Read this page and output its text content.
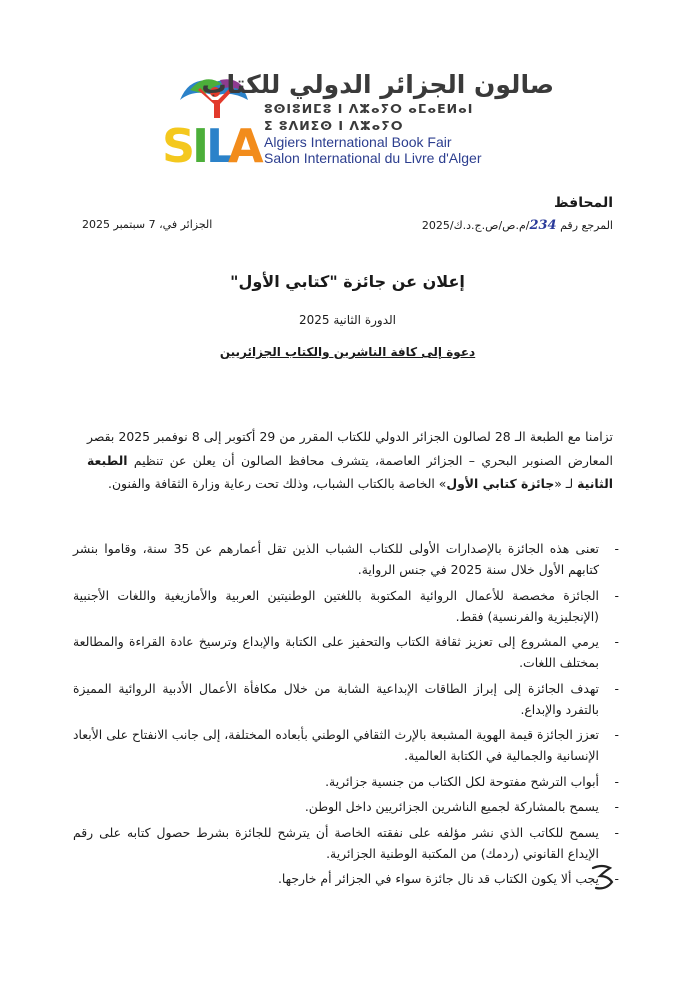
S
I
L
A
صالون الجزائر الدولي للكتاب
ⵓⵙⵏⵓⵍⵎⵓ ⵏ ⴷⵣⴰⵢⵔ ⴰⵎⴰⴹⵍⴰⵏ
ⵉ ⵓⴷⵍⵉⵙ ⵏ ⴷⵣⴰⵢⵔ
Algiers International Book Fair
Salon International du Livre d'Alger
المحافظ
المرجع رقم 234/م.ص/ص.ج.د.ك/2025
الجزائر في، 7 سبتمبر 2025
إعلان عن جائزة "كتابي الأول"
الدورة الثانية 2025
دعوة إلى كافة الناشرين والكتاب الجزائريين

تزامنا مع الطبعة الـ 28 لصالون الجزائر الدولي للكتاب المقرر من 29 أكتوبر إلى 8 نوفمبر 2025 بقصر المعارض الصنوبر البحري – الجزائر العاصمة، يتشرف محافظ الصالون أن يعلن عن تنظيم الطبعة الثانية لـ «جائزة كتابي الأول» الخاصة بالكتاب الشباب، وذلك تحت رعاية وزارة الثقافة والفنون.

- تعنى هذه الجائزة بالإصدارات الأولى للكتاب الشباب الذين تقل أعمارهم عن 35 سنة، وقاموا بنشر كتابهم الأول خلال سنة 2025 في جنس الرواية.
- الجائزة مخصصة للأعمال الروائية المكتوبة باللغتين الوطنيتين العربية والأمازيغية واللغات الأجنبية (الإنجليزية والفرنسية) فقط.
- يرمي المشروع إلى تعزيز ثقافة الكتاب والتحفيز على الكتابة والإبداع وترسيخ عادة القراءة والمطالعة بمختلف اللغات.
- تهدف الجائزة إلى إبراز الطاقات الإبداعية الشابة من خلال مكافأة الأعمال الأدبية الروائية المميزة بالتفرد والإبداع.
- تعزز الجائزة قيمة الهوية المشبعة بالإرث الثقافي الوطني بأبعاده المختلفة، إلى جانب الانفتاح على الأبعاد الإنسانية والجمالية في الكتابة العالمية.
- أبواب الترشح مفتوحة لكل الكتاب من جنسية جزائرية.
- يسمح بالمشاركة لجميع الناشرين الجزائريين داخل الوطن.
- يسمح للكاتب الذي نشر مؤلفه على نفقته الخاصة أن يترشح للجائزة بشرط حصول كتابه على رقم الإيداع القانوني (ردمك) من المكتبة الوطنية الجزائرية.
- يجب ألا يكون الكتاب قد نال جائزة سواء في الجزائر أم خارجها.
